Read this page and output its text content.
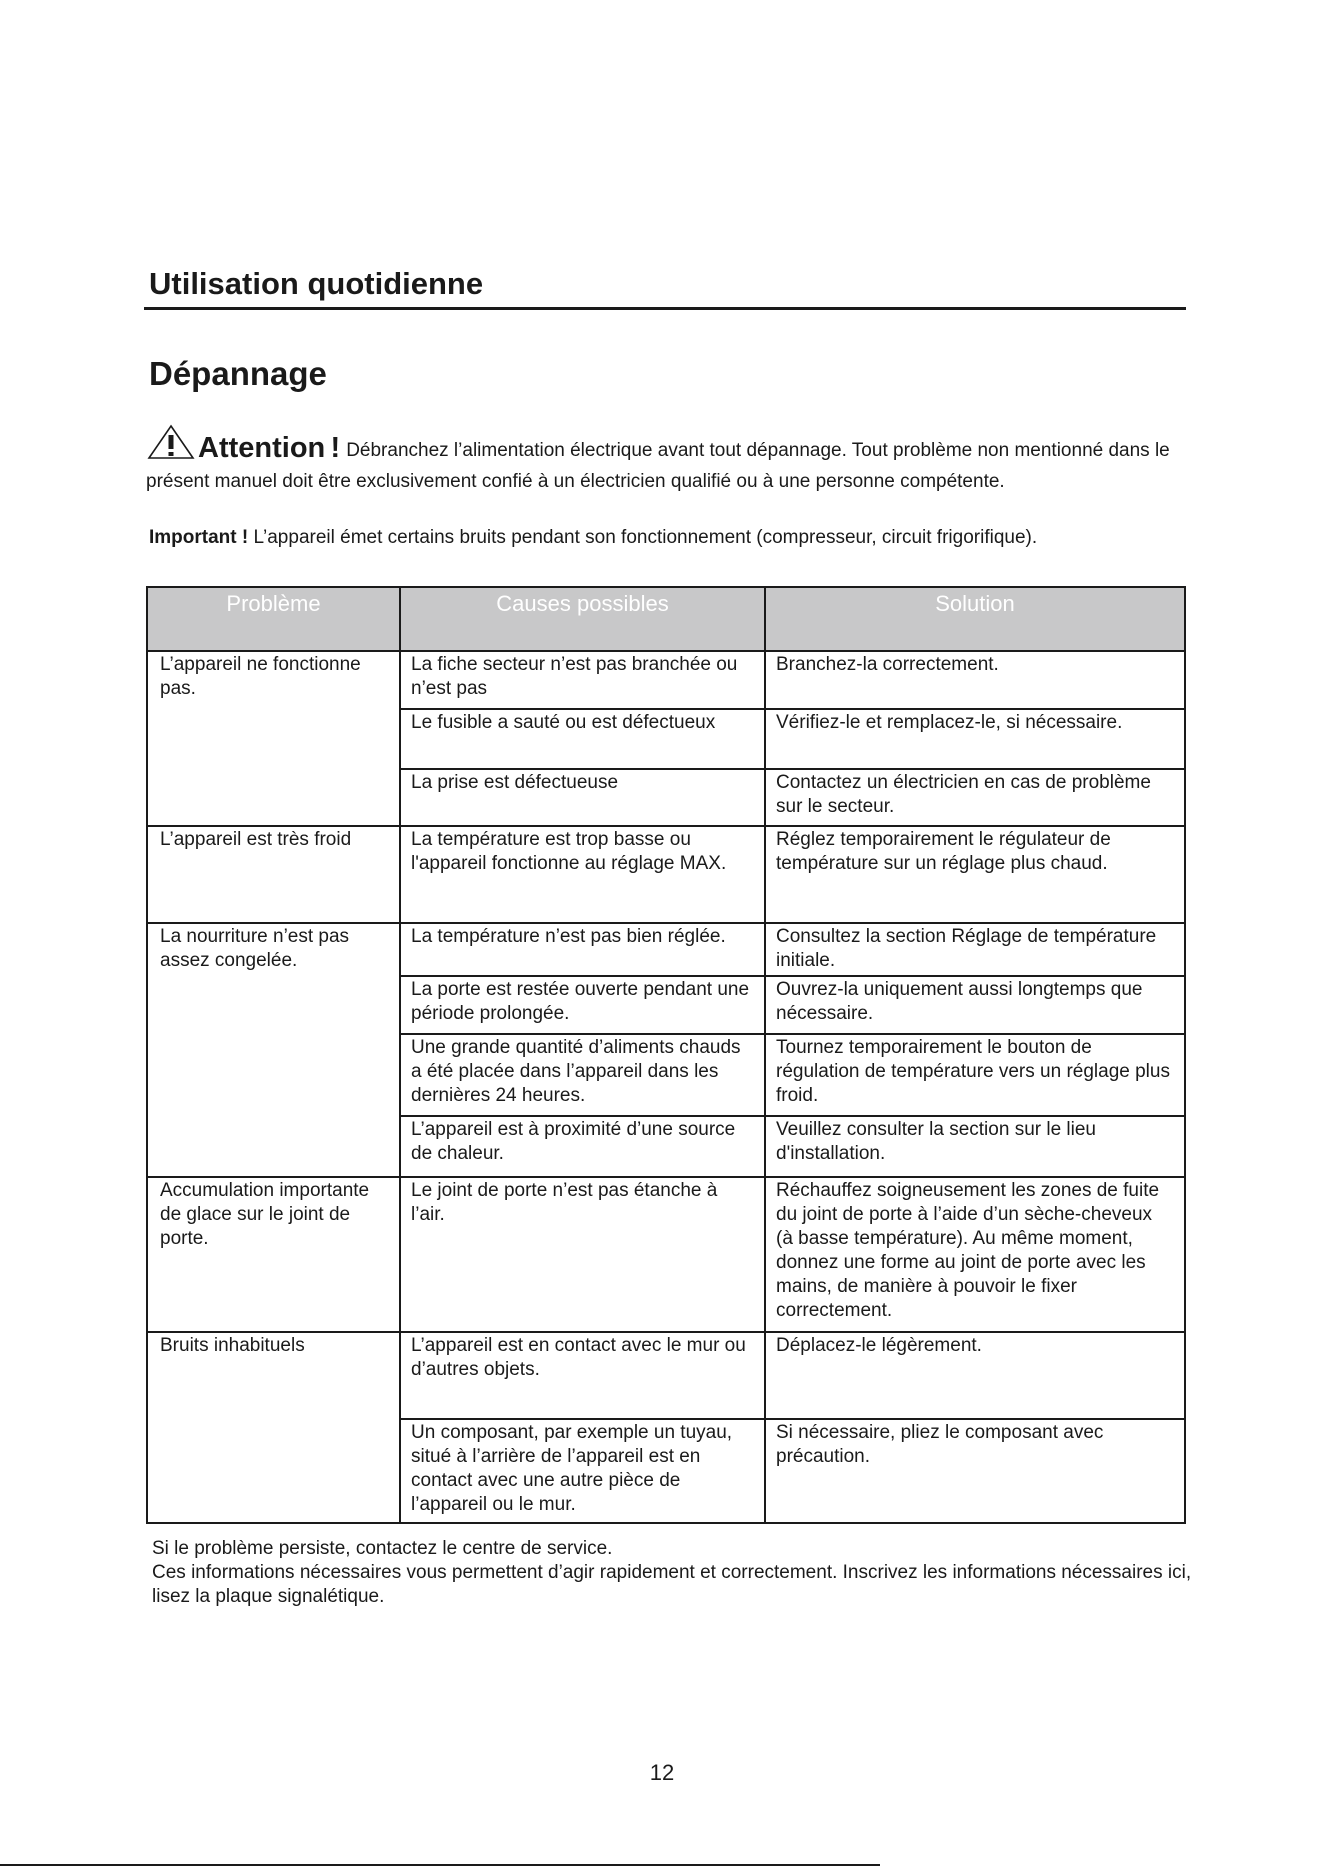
Utilisation quotidienne
Dépannage
Attention ! Débranchez l’alimentation électrique avant tout dépannage. Tout problème non mentionné dans le présent manuel doit être exclusivement confié à un électricien qualifié ou à une personne compétente.
Important ! L’appareil émet certains bruits pendant son fonctionnement (compresseur, circuit frigorifique).
Problème	Causes possibles	Solution
L’appareil ne fonctionne pas.	La fiche secteur n’est pas branchée ou n’est pas	Branchez-la correctement.
	Le fusible a sauté ou est défectueux	Vérifiez-le et remplacez-le, si nécessaire.
	La prise est défectueuse	Contactez un électricien en cas de problème sur le secteur.
L’appareil est très froid	La température est trop basse ou l'appareil fonctionne au réglage MAX.	Réglez temporairement le régulateur de température sur un réglage plus chaud.
La nourriture n’est pas assez congelée.	La température n’est pas bien réglée.	Consultez la section Réglage de température initiale.
	La porte est restée ouverte pendant une période prolongée.	Ouvrez-la uniquement aussi longtemps que nécessaire.
	Une grande quantité d’aliments chauds a été placée dans l’appareil dans les dernières 24 heures.	Tournez temporairement le bouton de régulation de température vers un réglage plus froid.
	L’appareil est à proximité d’une source de chaleur.	Veuillez consulter la section sur le lieu d'installation.
Accumulation importante de glace sur le joint de porte.	Le joint de porte n’est pas étanche à l’air.	Réchauffez soigneusement les zones de fuite du joint de porte à l’aide d’un sèche-cheveux (à basse température). Au même moment, donnez une forme au joint de porte avec les mains, de manière à pouvoir le fixer correctement.
Bruits inhabituels	L’appareil est en contact avec le mur ou d’autres objets.	Déplacez-le légèrement.
	Un composant, par exemple un tuyau, situé à l’arrière de l’appareil est en contact avec une autre pièce de l’appareil ou le mur.	Si nécessaire, pliez le composant avec précaution.

Si le problème persiste, contactez le centre de service.

Ces informations nécessaires vous permettent d’agir rapidement et correctement. Inscrivez les informations nécessaires ici, lisez la plaque signalétique.

12
